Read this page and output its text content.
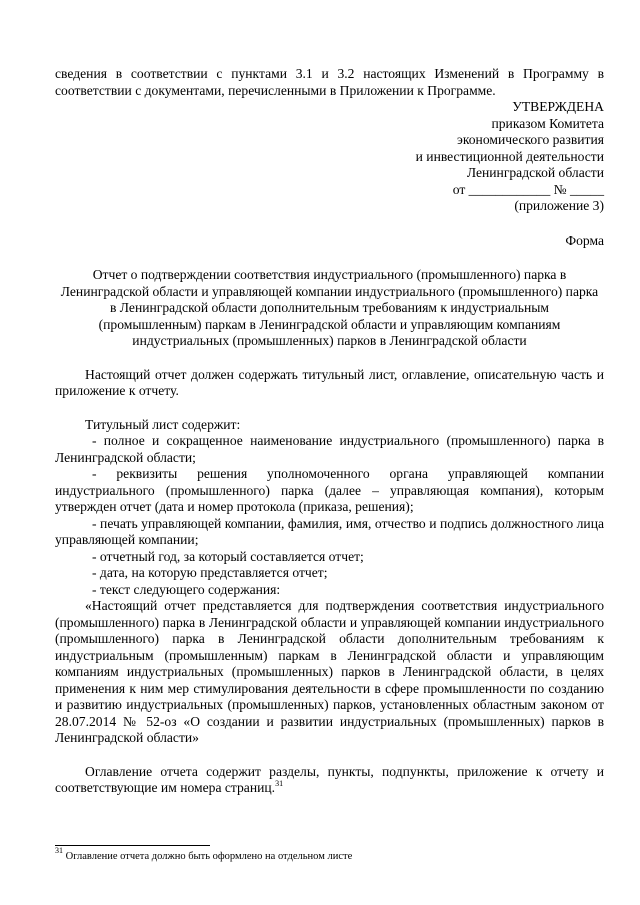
сведения в соответствии с пунктами 3.1 и 3.2 настоящих Изменений в Программу в соответствии с документами, перечисленными в Приложении к Программе.

УТВЕРЖДЕНА

приказом Комитета

экономического развития

и инвестиционной деятельности

Ленинградской области

от ____________ № _____

(приложение 3)

Форма

Отчет о подтверждении соответствия индустриального (промышленного) парка в Ленинградской области и управляющей компании индустриального (промышленного) парка в Ленинградской области дополнительным требованиям к индустриальным (промышленным) паркам в Ленинградской области и управляющим компаниям индустриальных (промышленных) парков в Ленинградской области

Настоящий отчет должен содержать титульный лист, оглавление, описательную часть и приложение к отчету.

Титульный лист содержит:

- полное и сокращенное наименование индустриального (промышленного) парка в Ленинградской области;

- реквизиты решения уполномоченного органа управляющей компании индустриального (промышленного) парка (далее – управляющая компания), которым утвержден отчет (дата и номер протокола (приказа, решения);

- печать управляющей компании, фамилия, имя, отчество и подпись должностного лица управляющей компании;

- отчетный год, за который составляется отчет;

- дата, на которую представляется отчет;

- текст следующего содержания:

«Настоящий отчет представляется для подтверждения соответствия индустриального (промышленного) парка в Ленинградской области и управляющей компании индустриального (промышленного) парка в Ленинградской области дополнительным требованиям к индустриальным (промышленным) паркам в Ленинградской области и управляющим компаниям индустриальных (промышленных) парков в Ленинградской области, в целях применения к ним мер стимулирования деятельности в сфере промышленности по созданию и развитию индустриальных (промышленных) парков, установленных областным законом от 28.07.2014 № 52-оз «О создании и развитии индустриальных (промышленных) парков в Ленинградской области»

Оглавление отчета содержит разделы, пункты, подпункты, приложение к отчету и соответствующие им номера страниц.$^{31}$

$^{31}$ Оглавление отчета должно быть оформлено на отдельном листе
